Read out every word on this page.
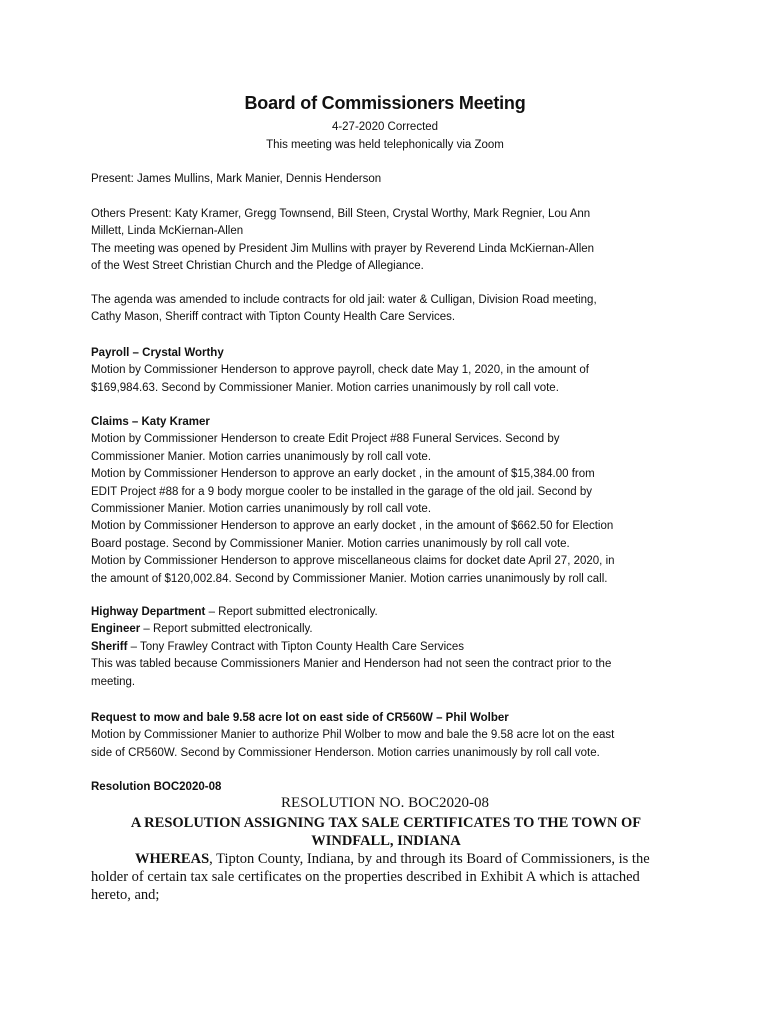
Board of Commissioners Meeting
4-27-2020 Corrected
This meeting was held telephonically via Zoom

Present: James Mullins, Mark Manier, Dennis Henderson

Others Present: Katy Kramer, Gregg Townsend, Bill Steen, Crystal Worthy, Mark Regnier, Lou Ann
Millett, Linda McKiernan-Allen
The meeting was opened by President Jim Mullins with prayer by Reverend Linda McKiernan-Allen
of the West Street Christian Church and the Pledge of Allegiance.

The agenda was amended to include contracts for old jail: water & Culligan, Division Road meeting,
Cathy Mason, Sheriff contract with Tipton County Health Care Services.

Payroll – Crystal Worthy
Motion by Commissioner Henderson to approve payroll, check date May 1, 2020, in the amount of
$169,984.63. Second by Commissioner Manier. Motion carries unanimously by roll call vote.

Claims – Katy Kramer
Motion by Commissioner Henderson to create Edit Project #88 Funeral Services. Second by
Commissioner Manier. Motion carries unanimously by roll call vote.
Motion by Commissioner Henderson to approve an early docket , in the amount of $15,384.00 from
EDIT Project #88 for a 9 body morgue cooler to be installed in the garage of the old jail. Second by
Commissioner Manier. Motion carries unanimously by roll call vote.
Motion by Commissioner Henderson to approve an early docket , in the amount of $662.50 for Election
Board postage. Second by Commissioner Manier. Motion carries unanimously by roll call vote.
Motion by Commissioner Henderson to approve miscellaneous claims for docket date April 27, 2020, in
the amount of $120,002.84. Second by Commissioner Manier. Motion carries unanimously by roll call.

Highway Department – Report submitted electronically.
Engineer – Report submitted electronically.
Sheriff – Tony Frawley Contract with Tipton County Health Care Services
This was tabled because Commissioners Manier and Henderson had not seen the contract prior to the
meeting.

Request to mow and bale 9.58 acre lot on east side of CR560W – Phil Wolber
Motion by Commissioner Manier to authorize Phil Wolber to mow and bale the 9.58 acre lot on the east
side of CR560W. Second by Commissioner Henderson. Motion carries unanimously by roll call vote.

Resolution BOC2020-08

RESOLUTION NO. BOC2020-08
A RESOLUTION ASSIGNING TAX SALE CERTIFICATES TO THE TOWN OF
WINDFALL, INDIANA
WHEREAS, Tipton County, Indiana, by and through its Board of Commissioners, is the
holder of certain tax sale certificates on the properties described in Exhibit A which is attached
hereto, and;
